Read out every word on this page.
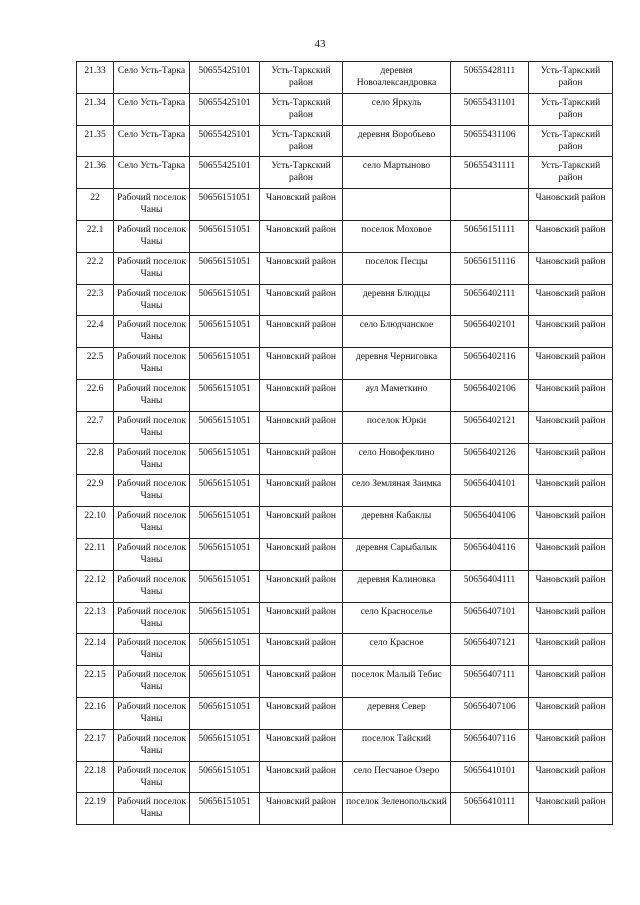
43
21.33	Село Усть-Тарка	50655425101	Усть-Таркский район	деревня Новоалександровка	50655428111	Усть-Таркский район
21.34	Село Усть-Тарка	50655425101	Усть-Таркский район	село Яркуль	50655431101	Усть-Таркский район
21.35	Село Усть-Тарка	50655425101	Усть-Таркский район	деревня Воробьево	50655431106	Усть-Таркский район
21.36	Село Усть-Тарка	50655425101	Усть-Таркский район	село Мартыново	50655431111	Усть-Таркский район
22	Рабочий поселок Чаны	50656151051	Чановский район			Чановский район
22.1	Рабочий поселок Чаны	50656151051	Чановский район	поселок Моховое	50656151111	Чановский район
22.2	Рабочий поселок Чаны	50656151051	Чановский район	поселок Песцы	50656151116	Чановский район
22.3	Рабочий поселок Чаны	50656151051	Чановский район	деревня Блюдцы	50656402111	Чановский район
22.4	Рабочий поселок Чаны	50656151051	Чановский район	село Блюдчанское	50656402101	Чановский район
22.5	Рабочий поселок Чаны	50656151051	Чановский район	деревня Черниговка	50656402116	Чановский район
22.6	Рабочий поселок Чаны	50656151051	Чановский район	аул Маметкино	50656402106	Чановский район
22.7	Рабочий поселок Чаны	50656151051	Чановский район	поселок Юрки	50656402121	Чановский район
22.8	Рабочий поселок Чаны	50656151051	Чановский район	село Новофеклино	50656402126	Чановский район
22.9	Рабочий поселок Чаны	50656151051	Чановский район	село Земляная Заимка	50656404101	Чановский район
22.10	Рабочий поселок Чаны	50656151051	Чановский район	деревня Кабаклы	50656404106	Чановский район
22.11	Рабочий поселок Чаны	50656151051	Чановский район	деревня Сарыбалык	50656404116	Чановский район
22.12	Рабочий поселок Чаны	50656151051	Чановский район	деревня Калиновка	50656404111	Чановский район
22.13	Рабочий поселок Чаны	50656151051	Чановский район	село Красноселье	50656407101	Чановский район
22.14	Рабочий поселок Чаны	50656151051	Чановский район	село Красное	50656407121	Чановский район
22.15	Рабочий поселок Чаны	50656151051	Чановский район	поселок Малый Тебис	50656407111	Чановский район
22.16	Рабочий поселок Чаны	50656151051	Чановский район	деревня Север	50656407106	Чановский район
22.17	Рабочий поселок Чаны	50656151051	Чановский район	поселок Тайский	50656407116	Чановский район
22.18	Рабочий поселок Чаны	50656151051	Чановский район	село Песчаное Озеро	50656410101	Чановский район
22.19	Рабочий поселок Чаны	50656151051	Чановский район	поселок Зеленопольский	50656410111	Чановский район
